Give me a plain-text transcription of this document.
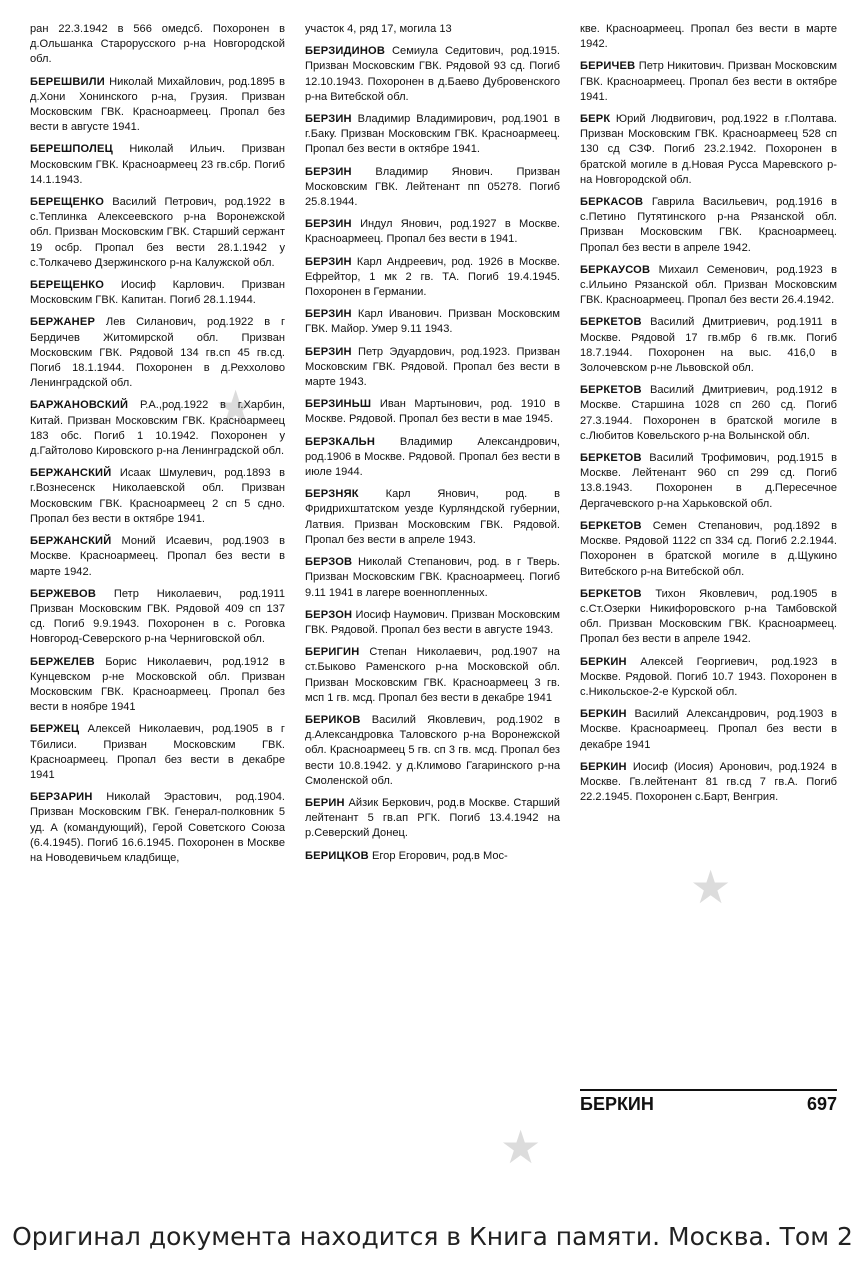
★
★
★

ран 22.3.1942 в 566 омедсб. Похоронен в д.Ольшанка Старорусского р-на Новгородской обл.

БЕРЕШВИЛИ Николай Михайлович, род.1895 в д.Хони Хонинского р-на, Грузия. Призван Московским ГВК. Красноармеец. Пропал без вести в августе 1941.

БЕРЕШПОЛЕЦ Николай Ильич. Призван Московским ГВК. Красноармеец 23 гв.сбр. Погиб 14.1.1943.

БЕРЕЩЕНКО Василий Петрович, род.1922 в с.Теплинка Алексеевского р-на Воронежской обл. Призван Московским ГВК. Старший сержант 19 осбр. Пропал без вести 28.1.1942 у с.Толкачево Дзержинского р-на Калужской обл.

БЕРЕЩЕНКО Иосиф Карлович. Призван Московским ГВК. Капитан. Погиб 28.1.1944.

БЕРЖАНЕР Лев Силанович, род.1922 в г Бердичев Житомирской обл. Призван Московским ГВК. Рядовой 134 гв.сп 45 гв.сд. Погиб 18.1.1944. Похоронен в д.Реххолово Ленинградской обл.

БАРЖАНОВСКИЙ Р.А.,род.1922 в г.Харбин, Китай. Призван Московским ГВК. Красноармеец 183 обс. Погиб 1 10.1942. Похоронен у д.Гайтолово Кировского р-на Ленинградской обл.

БЕРЖАНСКИЙ Исаак Шмулевич, род.1893 в г.Вознесенск Николаевской обл. Призван Московским ГВК. Красноармеец 2 сп 5 сдно. Пропал без вести в октябре 1941.

БЕРЖАНСКИЙ Моний Исаевич, род.1903 в Москве. Красноармеец. Пропал без вести в марте 1942.

БЕРЖЕВОВ Петр Николаевич, род.1911 Призван Московским ГВК. Рядовой 409 сп 137 сд. Погиб 9.9.1943. Похоронен в с. Роговка Новгород-Северского р-на Черниговской обл.

БЕРЖЕЛЕВ Борис Николаевич, род.1912 в Кунцевском р-не Московской обл. Призван Московским ГВК. Красноармеец. Пропал без вести в ноябре 1941

БЕРЖЕЦ Алексей Николаевич, род.1905 в г Тбилиси. Призван Московским ГВК. Красноармеец. Пропал без вести в декабре 1941

БЕРЗАРИН Николай Эрастович, род.1904. Призван Московским ГВК. Генерал-полковник 5 уд. А (командующий), Герой Советского Союза (6.4.1945). Погиб 16.6.1945. Похоронен в Москве на Новодевичьем кладбище,

участок 4, ряд 17, могила 13

БЕРЗИДИНОВ Семиула Седитович, род.1915. Призван Московским ГВК. Рядовой 93 сд. Погиб 12.10.1943. Похоронен в д.Баево Дубровенского р-на Витебской обл.

БЕРЗИН Владимир Владимирович, род.1901 в г.Баку. Призван Московским ГВК. Красноармеец. Пропал без вести в октябре 1941.

БЕРЗИН Владимир Янович. Призван Московским ГВК. Лейтенант пп 05278. Погиб 25.8.1944.

БЕРЗИН Индул Янович, род.1927 в Москве. Красноармеец. Пропал без вести в 1941.

БЕРЗИН Карл Андреевич, род. 1926 в Москве. Ефрейтор, 1 мк 2 гв. ТА. Погиб 19.4.1945. Похоронен в Германии.

БЕРЗИН Карл Иванович. Призван Московским ГВК. Майор. Умер 9.11 1943.

БЕРЗИН Петр Эдуардович, род.1923. Призван Московским ГВК. Рядовой. Пропал без вести в марте 1943.

БЕРЗИНЬШ Иван Мартынович, род. 1910 в Москве. Рядовой. Пропал без вести в мае 1945.

БЕРЗКАЛЬН Владимир Александрович, род.1906 в Москве. Рядовой. Пропал без вести в июле 1944.

БЕРЗНЯК Карл Янович, род. в Фридрихштатском уезде Курляндской губернии, Латвия. Призван Московским ГВК. Рядовой. Пропал без вести в апреле 1943.

БЕРЗОВ Николай Степанович, род. в г Тверь. Призван Московским ГВК. Красноармеец. Погиб 9.11 1941 в лагере военнопленных.

БЕРЗОН Иосиф Наумович. Призван Московским ГВК. Рядовой. Пропал без вести в августе 1943.

БЕРИГИН Степан Николаевич, род.1907 на ст.Быково Раменского р-на Московской обл. Призван Московским ГВК. Красноармеец 3 гв. мсп 1 гв. мсд. Пропал без вести в декабре 1941

БЕРИКОВ Василий Яковлевич, род.1902 в д.Александровка Таловского р-на Воронежской обл. Красноармеец 5 гв. сп 3 гв. мсд. Пропал без вести 10.8.1942. у д.Климово Гагаринского р-на Смоленской обл.

БЕРИН Айзик Беркович, род.в Москве. Старший лейтенант 5 гв.ап РГК. Погиб 13.4.1942 на р.Северский Донец.

БЕРИЦКОВ Егор Егорович, род.в Мос-

кве. Красноармеец. Пропал без вести в марте 1942.

БЕРИЧЕВ Петр Никитович. Призван Московским ГВК. Красноармеец. Пропал без вести в октябре 1941.

БЕРК Юрий Людвигович, род.1922 в г.Полтава. Призван Московским ГВК. Красноармеец 528 сп 130 сд СЗФ. Погиб 23.2.1942. Похоронен в братской могиле в д.Новая Русса Маревского р-на Новгородской обл.

БЕРКАСОВ Гаврила Васильевич, род.1916 в с.Петино Путятинского р-на Рязанской обл. Призван Московским ГВК. Красноармеец. Пропал без вести в апреле 1942.

БЕРКАУСОВ Михаил Семенович, род.1923 в с.Ильино Рязанской обл. Призван Московским ГВК. Красноармеец. Пропал без вести 26.4.1942.

БЕРКЕТОВ Василий Дмитриевич, род.1911 в Москве. Рядовой 17 гв.мбр 6 гв.мк. Погиб 18.7.1944. Похоронен на выс. 416,0 в Золочевском р-не Львовской обл.

БЕРКЕТОВ Василий Дмитриевич, род.1912 в Москве. Старшина 1028 сп 260 сд. Погиб 27.3.1944. Похоронен в братской могиле в с.Любитов Ковельского р-на Волынской обл.

БЕРКЕТОВ Василий Трофимович, род.1915 в Москве. Лейтенант 960 сп 299 сд. Погиб 13.8.1943. Похоронен в д.Пересечное Дергачевского р-на Харьковской обл.

БЕРКЕТОВ Семен Степанович, род.1892 в Москве. Рядовой 1122 сп 334 сд. Погиб 2.2.1944. Похоронен в братской могиле в д.Щукино Витебского р-на Витебской обл.

БЕРКЕТОВ Тихон Яковлевич, род.1905 в с.Ст.Озерки Никифоровского р-на Тамбовской обл. Призван Московским ГВК. Красноармеец. Пропал без вести в апреле 1942.

БЕРКИН Алексей Георгиевич, род.1923 в Москве. Рядовой. Погиб 10.7 1943. Похоронен в с.Никольское-2-е Курской обл.

БЕРКИН Василий Александрович, род.1903 в Москве. Красноармеец. Пропал без вести в декабре 1941

БЕРКИН Иосиф (Иосия) Аронович, род.1924 в Москве. Гв.лейтенант 81 гв.сд 7 гв.А. Погиб 22.2.1945. Похоронен с.Барт, Венгрия.

БЕРКИН	697
Оригинал документа находится в Книга памяти. Москва. Том 2
